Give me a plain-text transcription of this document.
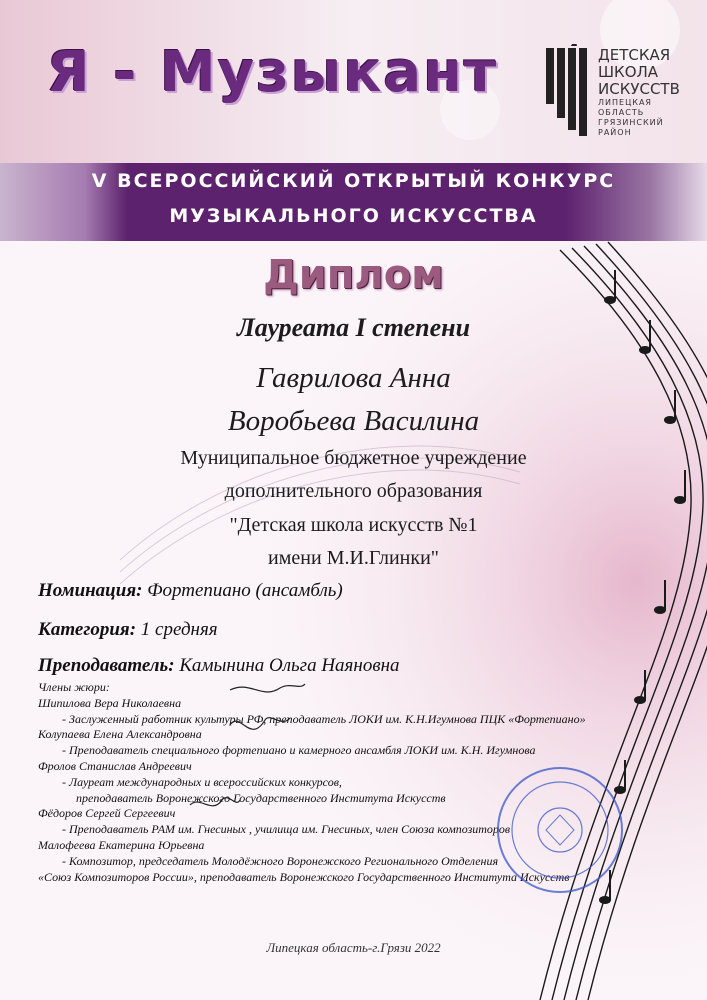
Я - Музыкант	ДЕТСКАЯ
ШКОЛА
ИСКУССТВ
ЛИПЕЦКАЯ
ОБЛАСТЬ
ГРЯЗИНСКИЙ
РАЙОН
V ВСЕРОССИЙСКИЙ ОТКРЫТЫЙ КОНКУРС
МУЗЫКАЛЬНОГО ИСКУССТВА
Диплом
Лауреата I степени
Гаврилова Анна
Воробьева Василина
Муниципальное бюджетное учреждение
дополнительного образования
"Детская школа искусств №1
имени М.И.Глинки"
Номинация: Фортепиано (ансамбль)
Категория: 1 средняя
Преподаватель: Камынина Ольга Наяновна
Члены жюри:
Шипилова Вера Николаевна
- Заслуженный работник культуры РФ, преподаватель ЛОКИ им. К.Н.Игумнова ПЦК «Фортепиано»
Колупаева Елена Александровна
- Преподаватель специального фортепиано и камерного ансамбля ЛОКИ им. К.Н. Игумнова
Фролов Станислав Андреевич
- Лауреат международных и всероссийских конкурсов,
преподаватель Воронежского Государственного Института Искусств
Фёдоров Сергей Сергеевич
- Преподаватель РАМ им. Гнесиных , училища им. Гнесиных, член Союза композиторов
Малофеева Екатерина Юрьевна
- Композитор, председатель Молодёжного Воронежского Регионального Отделения
«Союз Композиторов России», преподаватель Воронежского Государственного Института Искусств
Липецкая область-г.Грязи 2022
